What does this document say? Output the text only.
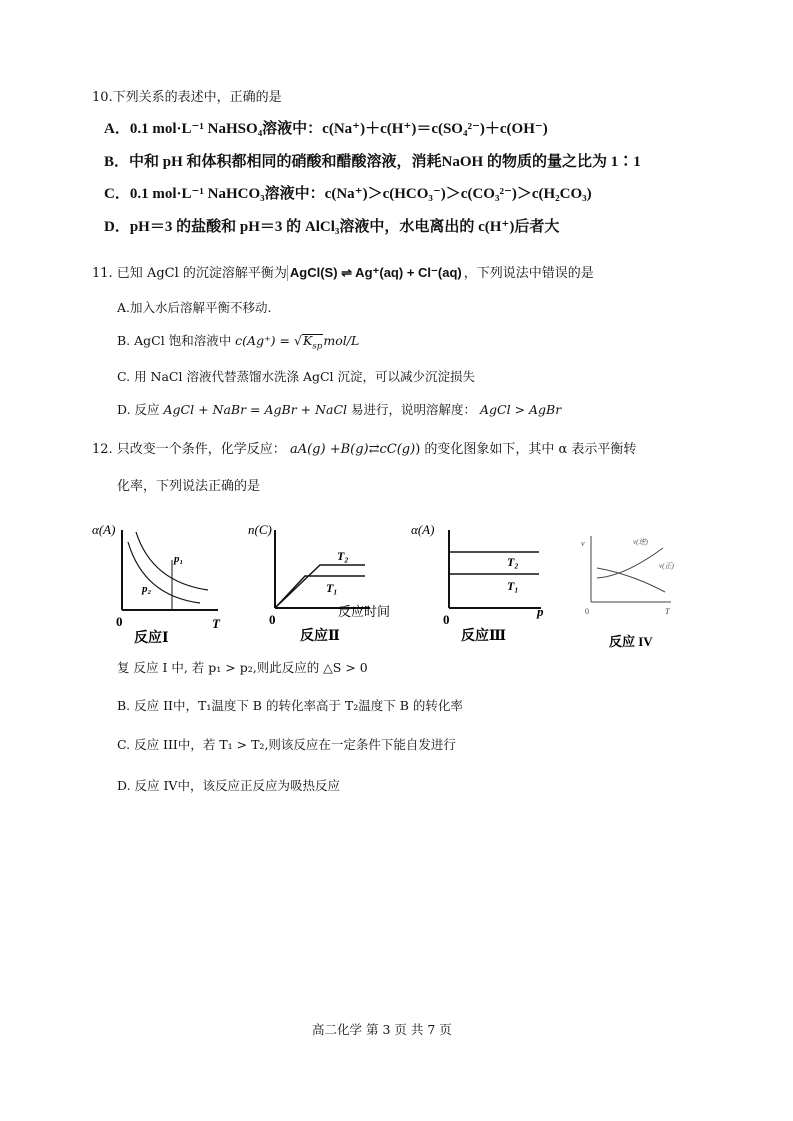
10.下列关系的表述中，正确的是
A．0.1 mol·L⁻¹ NaHSO₄溶液中：c(Na⁺)＋c(H⁺)＝c(SO₄²⁻)＋c(OH⁻)
B．中和 pH 和体积都相同的硝酸和醋酸溶液，消耗NaOH 的物质的量之比为 1∶1
C．0.1 mol·L⁻¹ NaHCO₃溶液中：c(Na⁺)＞c(HCO₃⁻)＞c(CO₃²⁻)＞c(H₂CO₃)
D．pH＝3 的盐酸和 pH＝3 的 AlCl₃溶液中，水电离出的 c(H⁺)后者大
11. 已知 AgCl 的沉淀溶解平衡为 AgCl(S) ⇌ Ag⁺(aq) + Cl⁻(aq) ，下列说法中错误的是
A.加入水后溶解平衡不移动.
B. AgCl 饱和溶液中 $c(Ag^+) = √K_{sp}mol/L$
C. 用 NaCl 溶液代替蒸馏水洗涤 AgCl 沉淀，可以减少沉淀损失
D. 反应 AgCl + NaBr = AgBr + NaCl 易进行，说明溶解度： AgCl > AgBr
12. 只改变一个条件，化学反应： aA(g) +B(g)⇄cC(g)) 的变化图象如下，其中 α 表示平衡转
化率，下列说法正确的是
α(A)
T
0
p₁
p₂
反应Ⅰ
n(C)
T₂
T₁
0
反应时间
反应Ⅱ
α(A)
T₂
T₁
0
p
反应Ⅲ
v	v(逆)
v(正)
0	T
反应 IV
复 反应 I 中, 若 p₁ > p₂,则此反应的 △S > 0
B. 反应 II中，T₁温度下 B 的转化率高于 T₂温度下 B 的转化率
C. 反应 III中，若 T₁ > T₂,则该反应在一定条件下能自发进行
D. 反应 IV中，该反应正反应为吸热反应
高二化学 第 3 页 共 7 页
